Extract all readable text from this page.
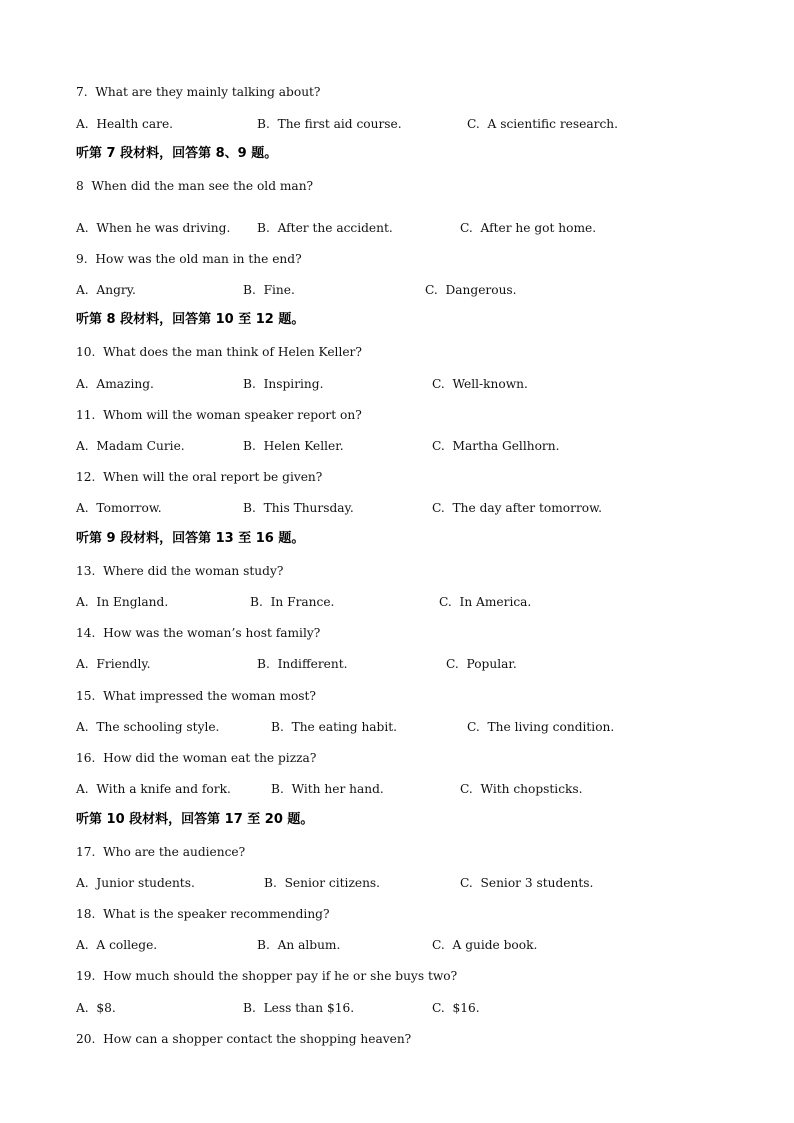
7.  What are they mainly talking about?

A.  Health care.

	B.  The first aid course.

	C.  A scientific research.

听第 7 段材料，回答第 8、9 题。
8  When did the man see the old man?

A.  When he was driving.

B.  After the accident.

	C.  After he got home.

9.  How was the old man in the end?

A.  Angry.

	B.  Fine.

	C.  Dangerous.

听第 8 段材料，回答第 10 至 12 题。
10.  What does the man think of Helen Keller?

A.  Amazing.

	B.  Inspiring.

	C.  Well-known.

11.  Whom will the woman speaker report on?

A.  Madam Curie.

	B.  Helen Keller.

	C.  Martha Gellhorn.

12.  When will the oral report be given?

A.  Tomorrow.

	B.  This Thursday.

	C.  The day after tomorrow.

听第 9 段材料，回答第 13 至 16 题。
13.  Where did the woman study?

A.  In England.

	B.  In France.

	C.  In America.

14.  How was the woman’s host family?

A.  Friendly.

	B.  Indifferent.

	C.  Popular.

15.  What impressed the woman most?

A.  The schooling style.

	B.  The eating habit.

	C.  The living condition.

16.  How did the woman eat the pizza?

A.  With a knife and fork.

	B.  With her hand.

	C.  With chopsticks.

听第 10 段材料，回答第 17 至 20 题。
17.  Who are the audience?

A.  Junior students.

	B.  Senior citizens.

	C.  Senior 3 students.

18.  What is the speaker recommending?

A.  A college.

	B.  An album.

	C.  A guide book.

19.  How much should the shopper pay if he or she buys two?

A.  $8.

	B.  Less than $16.

	C.  $16.

20.  How can a shopper contact the shopping heaven?
